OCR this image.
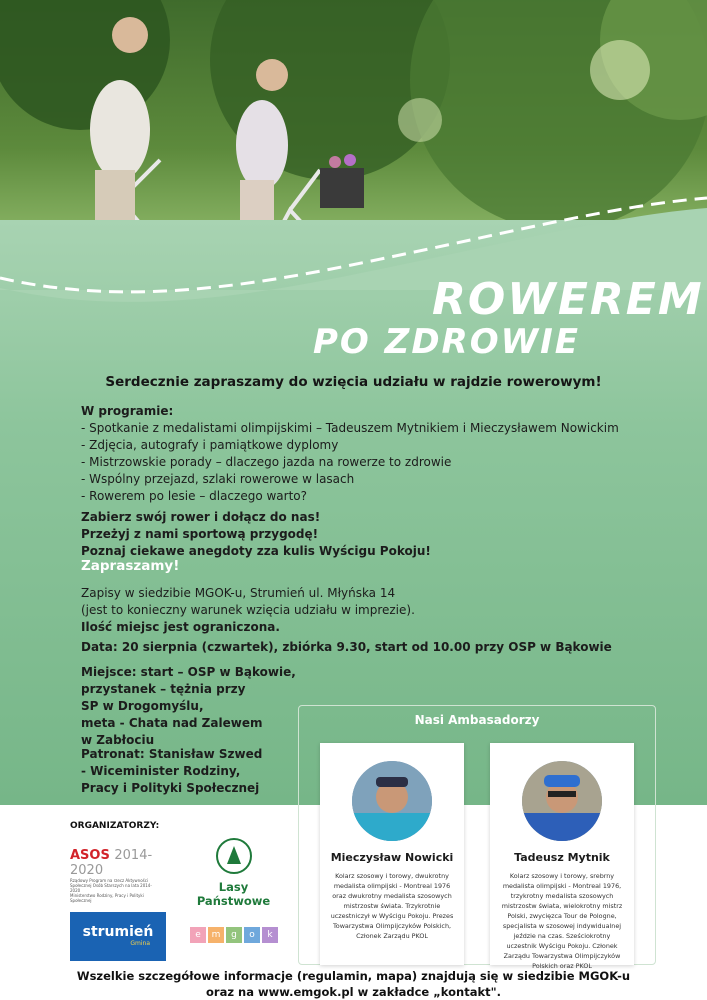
ROWEREM
PO ZDROWIE
Serdecznie zapraszamy do wzięcia udziału w rajdzie rowerowym!
W programie:
- Spotkanie z medalistami olimpijskimi – Tadeuszem Mytnikiem i Mieczysławem Nowickim
- Zdjęcia, autografy i pamiątkowe dyplomy
- Mistrzowskie porady – dlaczego jazda na rowerze to zdrowie
- Wspólny przejazd, szlaki rowerowe w lasach
- Rowerem po lesie – dlaczego warto?
Zabierz swój rower i dołącz do nas!
Przeżyj z nami sportową przygodę!
Poznaj ciekawe anegdoty zza kulis Wyścigu Pokoju!
Zapraszamy!
Zapisy w siedzibie MGOK-u, Strumień ul. Młyńska 14
(jest to konieczny warunek wzięcia udziału w imprezie).
Ilość miejsc jest ograniczona.
Data: 20 sierpnia (czwartek), zbiórka 9.30, start od 10.00 przy OSP w Bąkowie
Miejsce: start – OSP w Bąkowie,
przystanek – tężnia przy
SP w Drogomyślu,
meta - Chata nad Zalewem
w Zabłociu
Patronat: Stanisław Szwed
- Wiceminister Rodziny,
Pracy i Polityki Społecznej
Nasi Ambasadorzy
Mieczysław Nowicki
Kolarz szosowy i torowy, dwukrotny medalista olimpijski - Montreal 1976 oraz dwukrotny medalista szosowych mistrzostw świata. Trzykrotnie uczestniczył w Wyścigu Pokoju. Prezes Towarzystwa Olimpijczyków Polskich, Członek Zarządu PKOL
Tadeusz Mytnik
Kolarz szosowy i torowy, srebrny medalista olimpijski - Montreal 1976, trzykrotny medalista szosowych mistrzostw świata, wielokrotny mistrz Polski, zwycięzca Tour de Pologne, specjalista w szosowej indywidualnej jeździe na czas. Sześciokrotny uczestnik Wyścigu Pokoju. Członek Zarządu Towarzystwa Olimpijczyków Polskich oraz PKOL
ORGANIZATORZY:
ASOS 2014-2020
Rządowy Program na rzecz Aktywności Społecznej Osób Starszych na lata 2014-2020
Ministerstwo Rodziny, Pracy i Polityki Społecznej
Lasy Państwowe
strumień
Gmina
e	m	g	o	k
Wszelkie szczegółowe informacje (regulamin, mapa) znajdują się w siedzibie MGOK-u
oraz na www.emgok.pl w zakładce „kontakt".
